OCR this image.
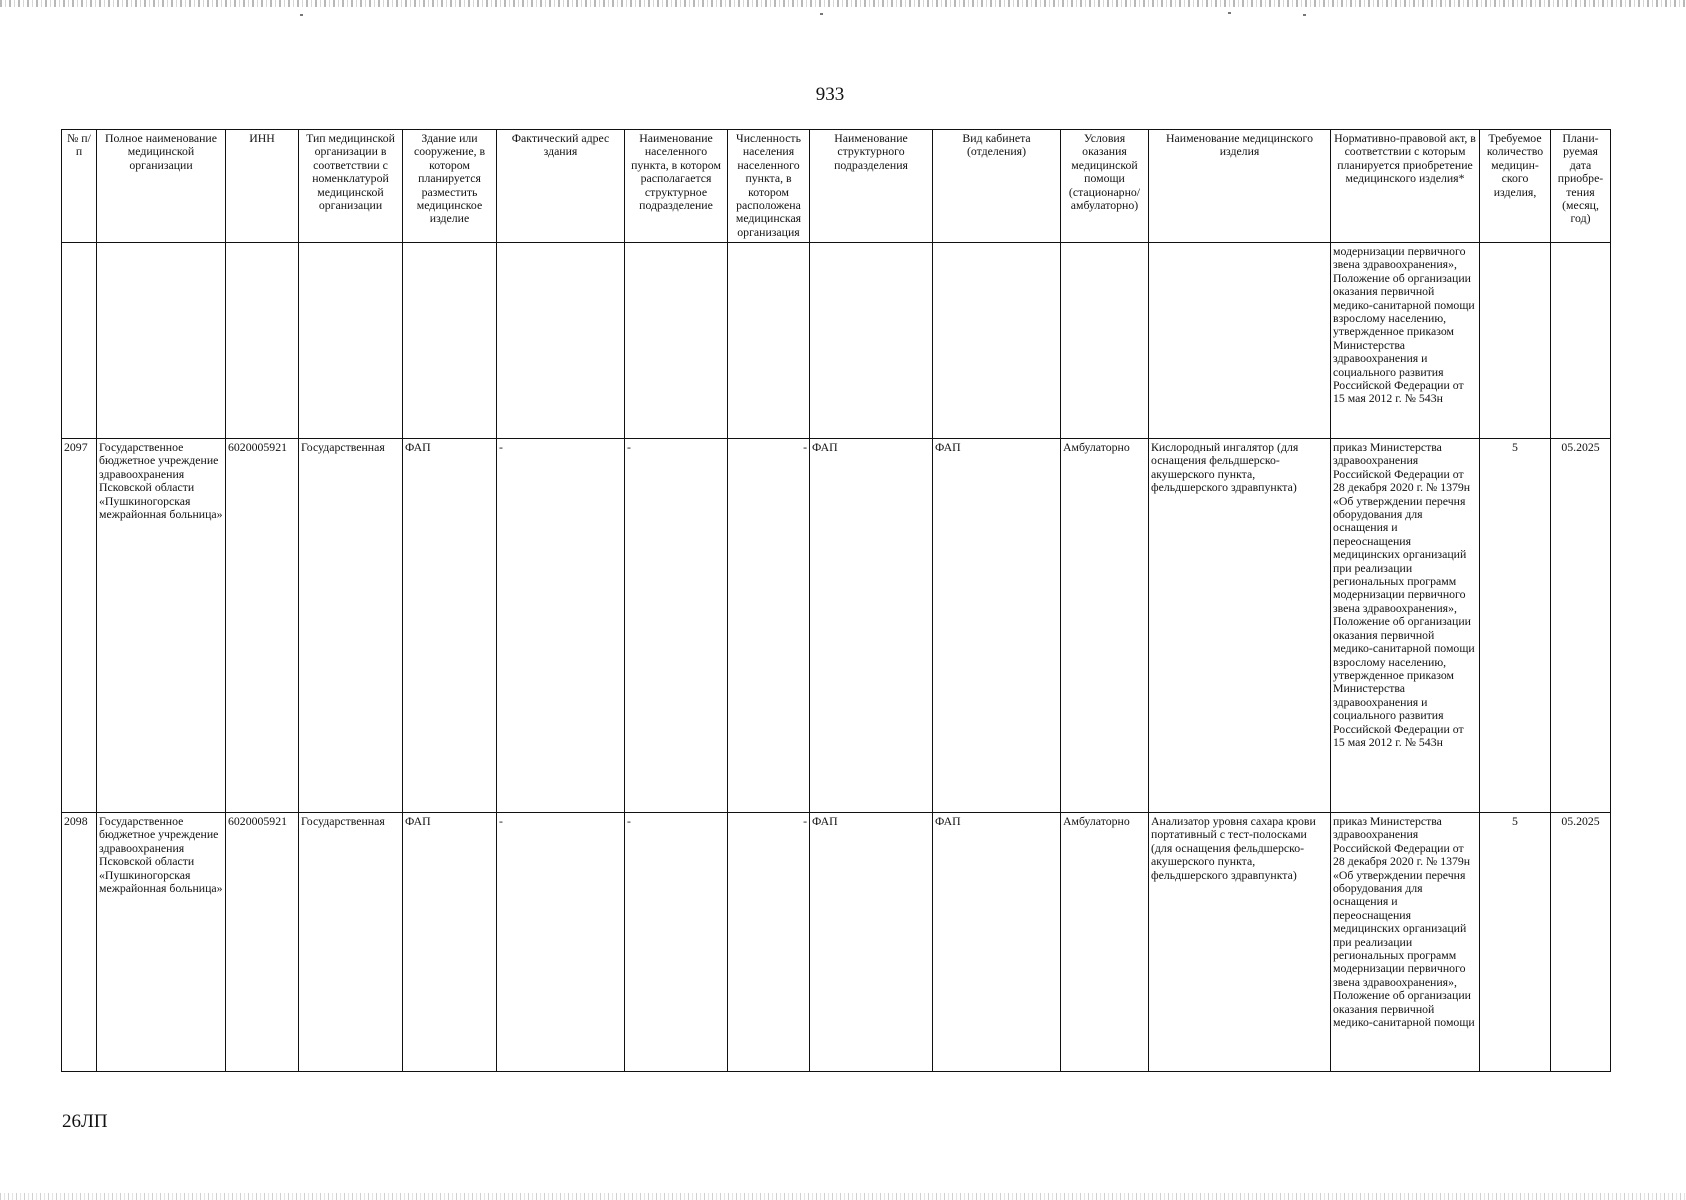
933
№ п/п	Полное наименование медицинской организации	ИНН	Тип медицинской организации в соответствии с номенклатурой медицинской организации	Здание или сооружение, в котором планируется разместить медицинское изделие	Фактический адрес здания	Наименование населенного пункта, в котором располагается структурное подразделение	Численность населения населенного пункта, в котором расположена медицинская организация	Наименование структурного подразделения	Вид кабинета (отделения)	Условия оказания медицинской помощи (стационарно/ амбулаторно)	Наименование медицинского изделия	Нормативно-правовой акт, в соответствии с которым планируется приобретение медицинского изделия*	Требуемое количество медицин-ского изделия,	Плани-руемая дата приобре-тения (месяц, год)
												модернизации первичного звена здравоохранения», Положение об организации оказания первичной медико-санитарной помощи взрослому населению, утвержденное приказом Министерства здравоохранения и социального развития Российской Федерации от 15 мая 2012 г. № 543н		
2097	Государственное бюджетное учреждение здравоохранения Псковской области «Пушкиногорская межрайонная больница»	6020005921	Государственная	ФАП	-	-	-	ФАП	ФАП	Амбулаторно	Кислородный ингалятор (для оснащения фельдшерско-акушерского пункта, фельдшерского здравпункта)	приказ Министерства здравоохранения Российской Федерации от 28 декабря 2020 г. № 1379н «Об утверждении перечня оборудования для оснащения и переоснащения медицинских организаций при реализации региональных программ модернизации первичного звена здравоохранения», Положение об организации оказания первичной медико-санитарной помощи взрослому населению, утвержденное приказом Министерства здравоохранения и социального развития Российской Федерации от 15 мая 2012 г. № 543н	5	05.2025
2098	Государственное бюджетное учреждение здравоохранения Псковской области «Пушкиногорская межрайонная больница»	6020005921	Государственная	ФАП	-	-	-	ФАП	ФАП	Амбулаторно	Анализатор уровня сахара крови портативный с тест-полосками (для оснащения фельдшерско-акушерского пункта, фельдшерского здравпункта)	приказ Министерства здравоохранения Российской Федерации от 28 декабря 2020 г. № 1379н «Об утверждении перечня оборудования для оснащения и переоснащения медицинских организаций при реализации региональных программ модернизации первичного звена здравоохранения», Положение об организации оказания первичной медико-санитарной помощи	5	05.2025
26ЛП
